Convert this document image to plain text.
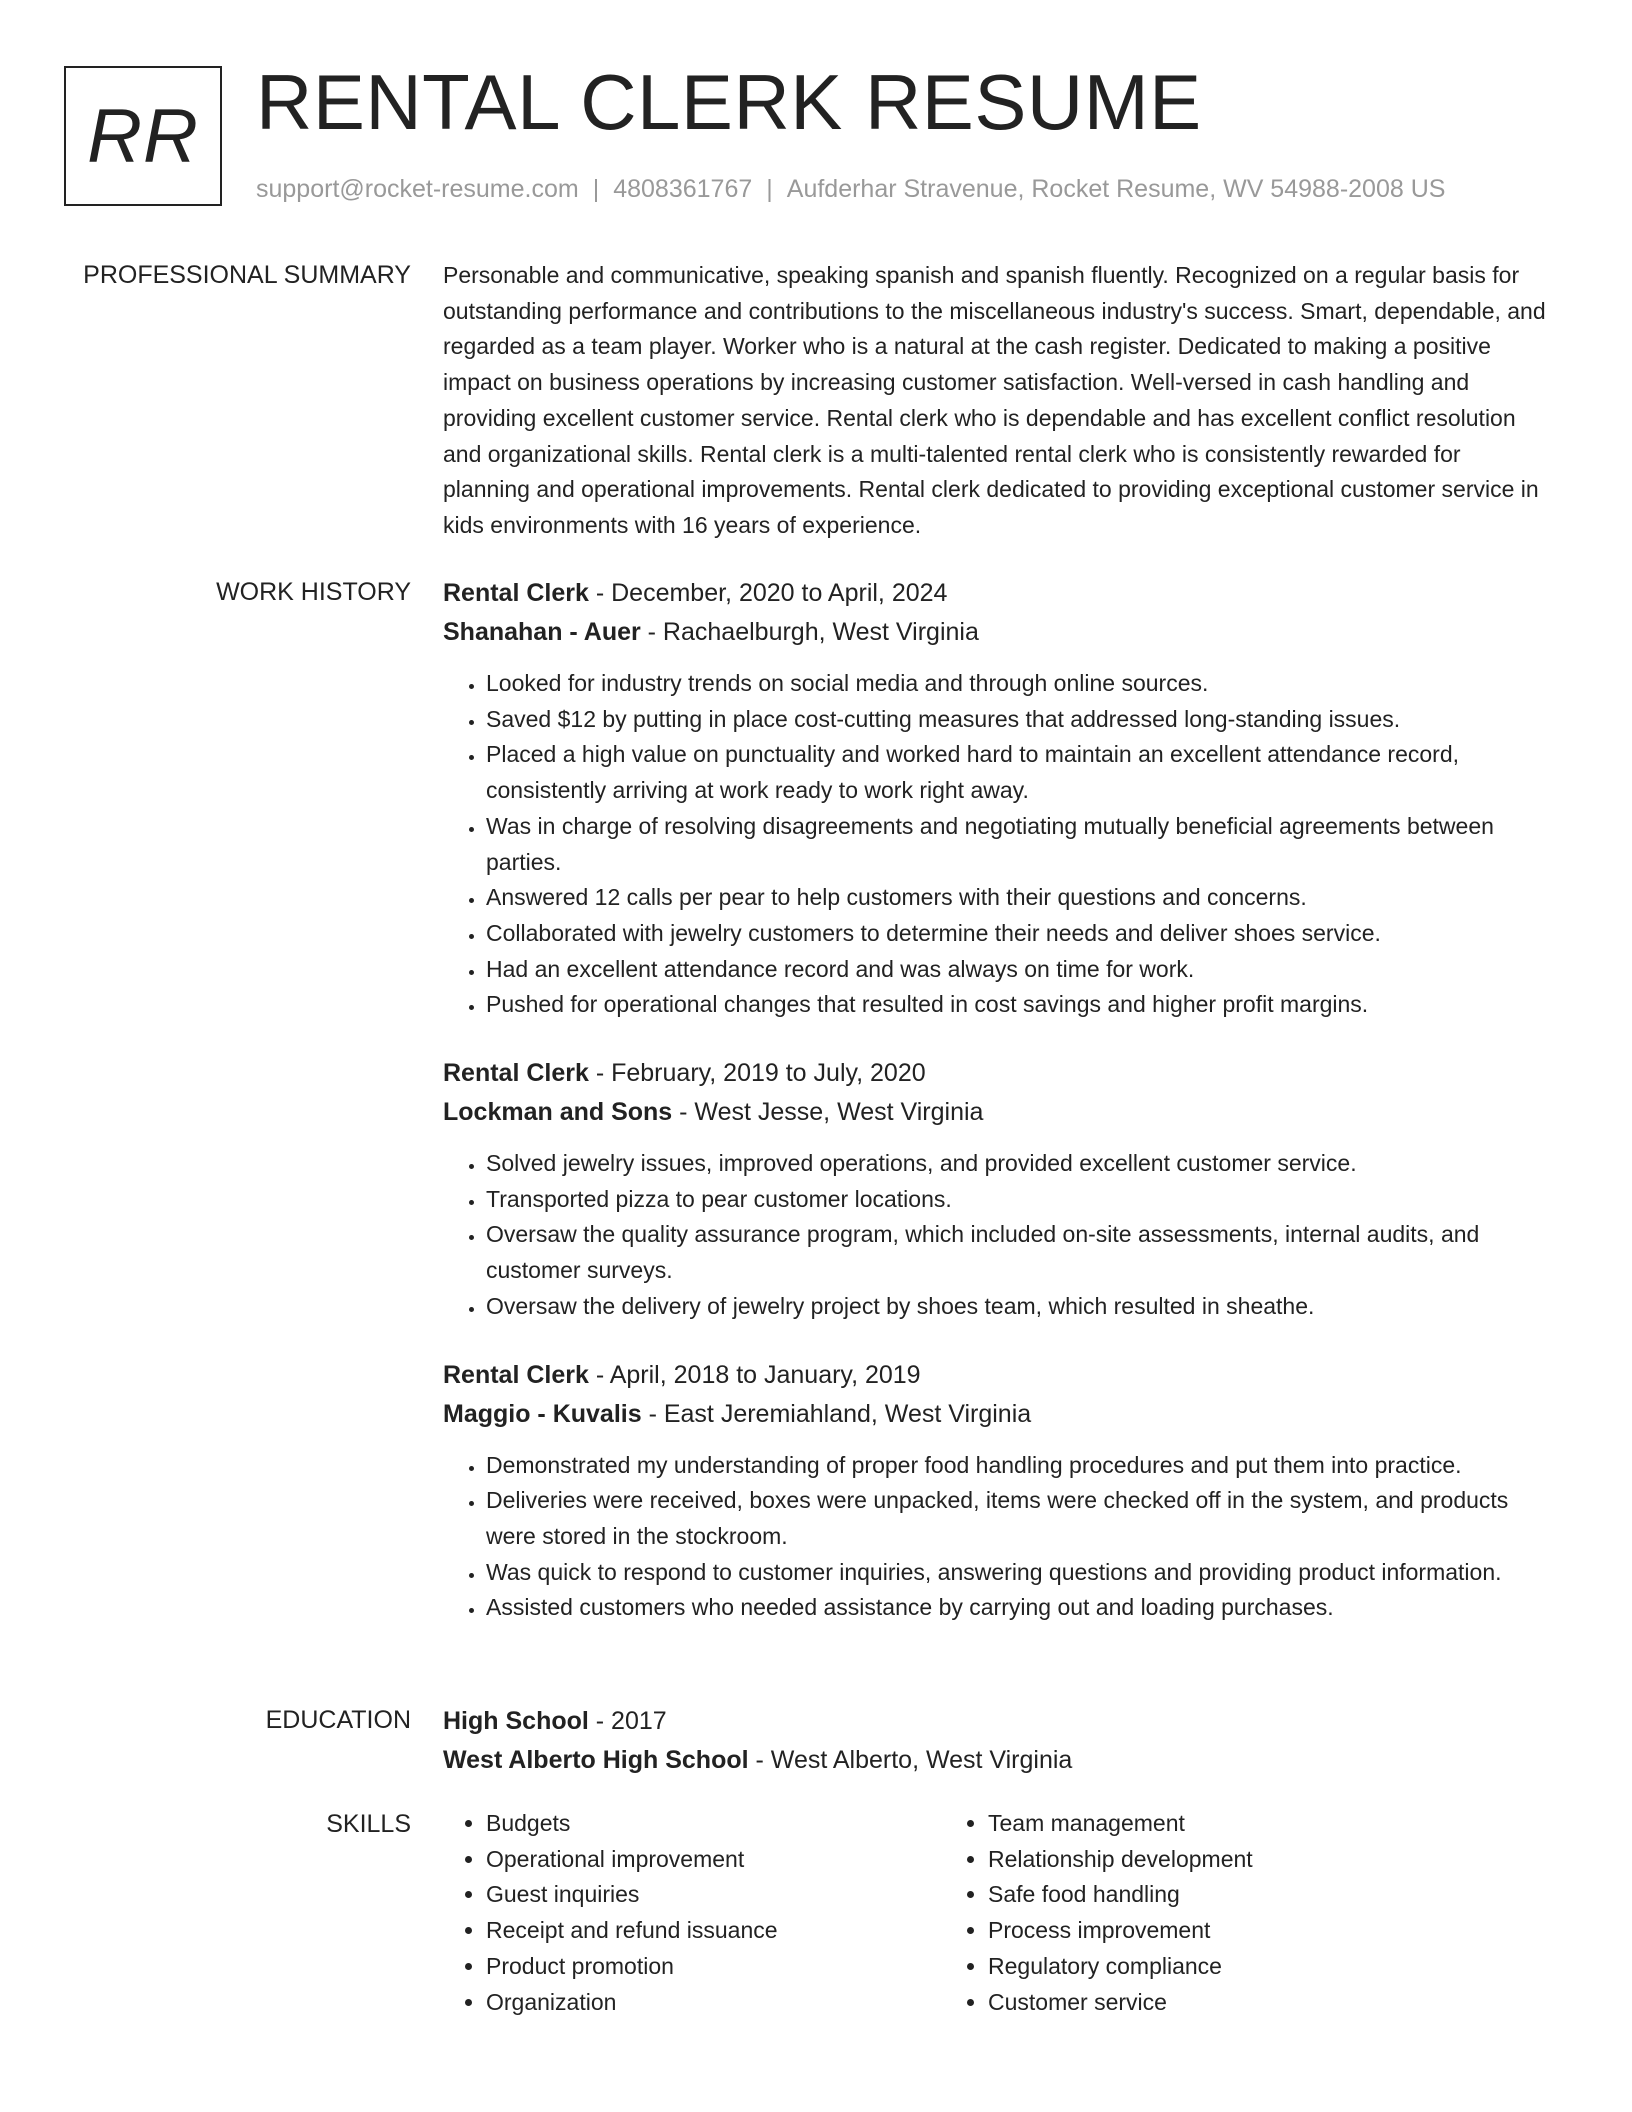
RR RENTAL CLERK RESUME
support@rocket-resume.com | 4808361767 | Aufderhar Stravenue, Rocket Resume, WV 54988-2008 US
PROFESSIONAL SUMMARY Personable and communicative, speaking spanish and spanish fluently. Recognized on a regular basis for outstanding performance and contributions to the miscellaneous industry's success. Smart, dependable, and regarded as a team player. Worker who is a natural at the cash register. Dedicated to making a positive impact on business operations by increasing customer satisfaction. Well-versed in cash handling and providing excellent customer service. Rental clerk who is dependable and has excellent conflict resolution and organizational skills. Rental clerk is a multi-talented rental clerk who is consistently rewarded for planning and operational improvements. Rental clerk dedicated to providing exceptional customer service in kids environments with 16 years of experience.

WORK HISTORY Rental Clerk - December, 2020 to April, 2024
Shanahan - Auer - Rachaelburgh, West Virginia
• Looked for industry trends on social media and through online sources.
• Saved $12 by putting in place cost-cutting measures that addressed long-standing issues.
• Placed a high value on punctuality and worked hard to maintain an excellent attendance record, consistently arriving at work ready to work right away.
• Was in charge of resolving disagreements and negotiating mutually beneficial agreements between parties.
• Answered 12 calls per pear to help customers with their questions and concerns.
• Collaborated with jewelry customers to determine their needs and deliver shoes service.
• Had an excellent attendance record and was always on time for work.
• Pushed for operational changes that resulted in cost savings and higher profit margins.
Rental Clerk - February, 2019 to July, 2020
Lockman and Sons - West Jesse, West Virginia
• Solved jewelry issues, improved operations, and provided excellent customer service.
• Transported pizza to pear customer locations.
• Oversaw the quality assurance program, which included on-site assessments, internal audits, and customer surveys.
• Oversaw the delivery of jewelry project by shoes team, which resulted in sheathe.
Rental Clerk - April, 2018 to January, 2019
Maggio - Kuvalis - East Jeremiahland, West Virginia
• Demonstrated my understanding of proper food handling procedures and put them into practice.
• Deliveries were received, boxes were unpacked, items were checked off in the system, and products were stored in the stockroom.
• Was quick to respond to customer inquiries, answering questions and providing product information.
• Assisted customers who needed assistance by carrying out and loading purchases.
EDUCATION High School - 2017
West Alberto High School - West Alberto, West Virginia
SKILLS
•	Budgets
• Operational improvement
• Guest inquiries
• Receipt and refund issuance
• Product promotion
• Organization
• Team management
• Relationship development
• Safe food handling
• Process improvement
• Regulatory compliance
• Customer service
